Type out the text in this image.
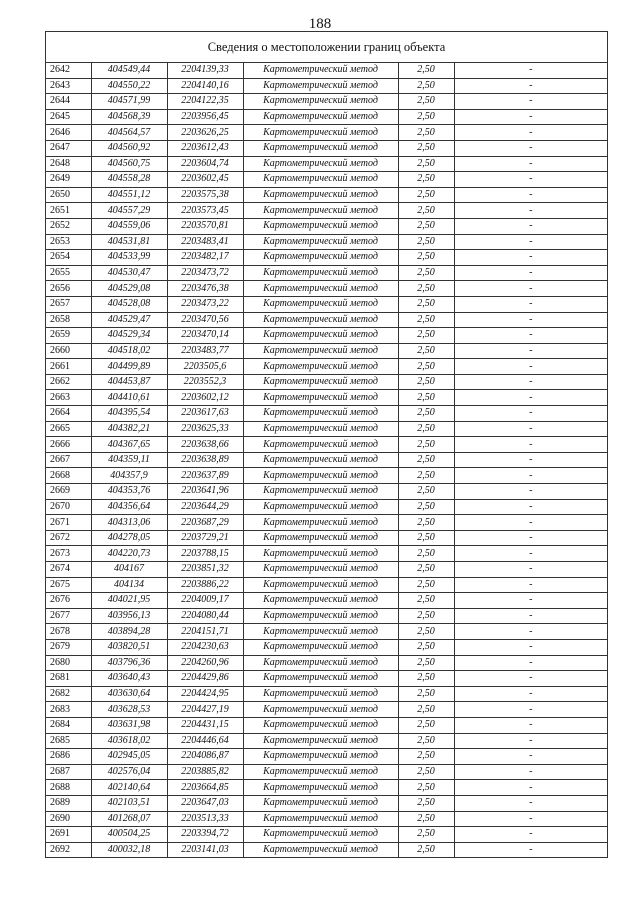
188
Сведения о местоположении границ объекта
2642	404549,44	2204139,33	Картометрический метод	2,50	-
2643	404550,22	2204140,16	Картометрический метод	2,50	-
2644	404571,99	2204122,35	Картометрический метод	2,50	-
2645	404568,39	2203956,45	Картометрический метод	2,50	-
2646	404564,57	2203626,25	Картометрический метод	2,50	-
2647	404560,92	2203612,43	Картометрический метод	2,50	-
2648	404560,75	2203604,74	Картометрический метод	2,50	-
2649	404558,28	2203602,45	Картометрический метод	2,50	-
2650	404551,12	2203575,38	Картометрический метод	2,50	-
2651	404557,29	2203573,45	Картометрический метод	2,50	-
2652	404559,06	2203570,81	Картометрический метод	2,50	-
2653	404531,81	2203483,41	Картометрический метод	2,50	-
2654	404533,99	2203482,17	Картометрический метод	2,50	-
2655	404530,47	2203473,72	Картометрический метод	2,50	-
2656	404529,08	2203476,38	Картометрический метод	2,50	-
2657	404528,08	2203473,22	Картометрический метод	2,50	-
2658	404529,47	2203470,56	Картометрический метод	2,50	-
2659	404529,34	2203470,14	Картометрический метод	2,50	-
2660	404518,02	2203483,77	Картометрический метод	2,50	-
2661	404499,89	2203505,6	Картометрический метод	2,50	-
2662	404453,87	2203552,3	Картометрический метод	2,50	-
2663	404410,61	2203602,12	Картометрический метод	2,50	-
2664	404395,54	2203617,63	Картометрический метод	2,50	-
2665	404382,21	2203625,33	Картометрический метод	2,50	-
2666	404367,65	2203638,66	Картометрический метод	2,50	-
2667	404359,11	2203638,89	Картометрический метод	2,50	-
2668	404357,9	2203637,89	Картометрический метод	2,50	-
2669	404353,76	2203641,96	Картометрический метод	2,50	-
2670	404356,64	2203644,29	Картометрический метод	2,50	-
2671	404313,06	2203687,29	Картометрический метод	2,50	-
2672	404278,05	2203729,21	Картометрический метод	2,50	-
2673	404220,73	2203788,15	Картометрический метод	2,50	-
2674	404167	2203851,32	Картометрический метод	2,50	-
2675	404134	2203886,22	Картометрический метод	2,50	-
2676	404021,95	2204009,17	Картометрический метод	2,50	-
2677	403956,13	2204080,44	Картометрический метод	2,50	-
2678	403894,28	2204151,71	Картометрический метод	2,50	-
2679	403820,51	2204230,63	Картометрический метод	2,50	-
2680	403796,36	2204260,96	Картометрический метод	2,50	-
2681	403640,43	2204429,86	Картометрический метод	2,50	-
2682	403630,64	2204424,95	Картометрический метод	2,50	-
2683	403628,53	2204427,19	Картометрический метод	2,50	-
2684	403631,98	2204431,15	Картометрический метод	2,50	-
2685	403618,02	2204446,64	Картометрический метод	2,50	-
2686	402945,05	2204086,87	Картометрический метод	2,50	-
2687	402576,04	2203885,82	Картометрический метод	2,50	-
2688	402140,64	2203664,85	Картометрический метод	2,50	-
2689	402103,51	2203647,03	Картометрический метод	2,50	-
2690	401268,07	2203513,33	Картометрический метод	2,50	-
2691	400504,25	2203394,72	Картометрический метод	2,50	-
2692	400032,18	2203141,03	Картометрический метод	2,50	-
